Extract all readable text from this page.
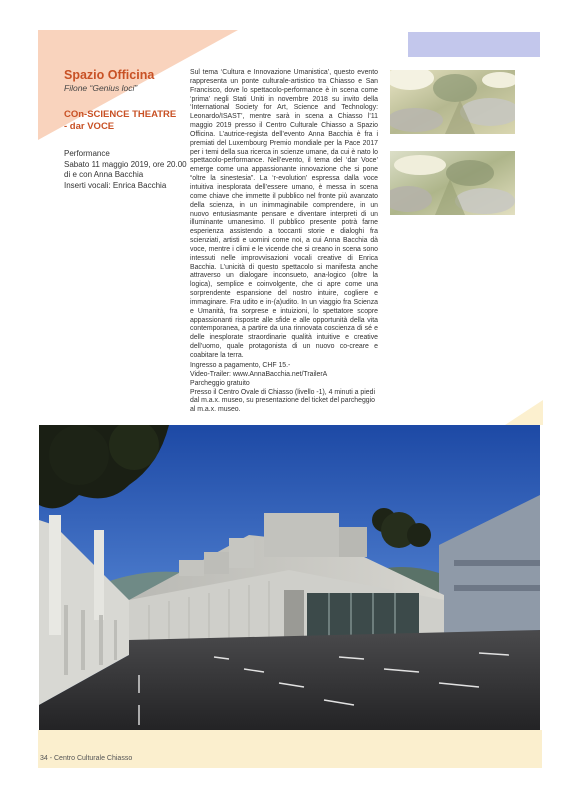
Spazio Officina

Filone “Genius loci”

COn-SCIENCE THEATRE - dar VOCE
Performance
Sabato 11 maggio 2019, ore 20.00
di e con Anna Bacchia
Inserti vocali: Enrica Bacchia

Sul tema ‘Cultura e Innovazione Umanistica’, questo evento rappresenta un ponte culturale-artistico tra Chiasso e San Francisco, dove lo spettacolo-performance è in scena come ‘prima’ negli Stati Uniti in novembre 2018 su invito della ‘International Society for Art, Science and Technology: Leonardo/ISAST’, mentre sarà in scena a Chiasso l’11 maggio 2019 presso il Centro Culturale Chiasso a Spazio Officina. L’autrice-regista dell’evento Anna Bacchia è fra i premiati del Luxembourg Premio mondiale per la Pace 2017 per i temi della sua ricerca in scienze umane, da cui è nato lo spettacolo-performance. Nell’evento, il tema del ‘dar Voce’ emerge come una appassionante innovazione che si pone “oltre la sinestesia”. La ‘r-evolution’ espressa dalla voce intuitiva inesplorata dell’essere umano, è messa in scena come chiave che immette il pubblico nel fronte più avanzato della scienza, in un inimmaginabile comprendere, in un nuovo entusiasmante pensare e diventare interpreti di un illuminante umanesimo. Il pubblico presente potrà farne esperienza assistendo a toccanti storie e dialoghi fra scienziati, artisti e uomini come noi, a cui Anna Bacchia dà voce, mentre i climi e le vicende che si creano in scena sono intessuti nelle improvvisazioni vocali creative di Enrica Bacchia. L’unicità di questo spettacolo si manifesta anche attraverso un dialogare inconsueto, ana-logico (oltre la logica), semplice e coinvolgente, che ci apre come una sorprendente espansione del nostro intuire, cogliere e immaginare. Fra udito e in-(a)udito. In un viaggio fra Scienza e Umanità, fra sorprese e intuizioni, lo spettatore scopre appassionanti risposte alle sfide e alle opportunità della vita contemporanea, a partire da una rinnovata coscienza di sé e delle inesplorate straordinarie qualità intuitive e creative dell’uomo, quale protagonista di un nuovo co-creare e coabitare la terra.

Ingresso a pagamento, CHF 15.-
Video-Trailer: www.AnnaBacchia.net/TrailerA
Parcheggio gratuito
Presso il Centro Ovale di Chiasso (livello -1), 4 minuti a piedi
dal m.a.x. museo, su presentazione del ticket del parcheggio
al m.a.x. museo.
34 - Centro Culturale Chiasso
